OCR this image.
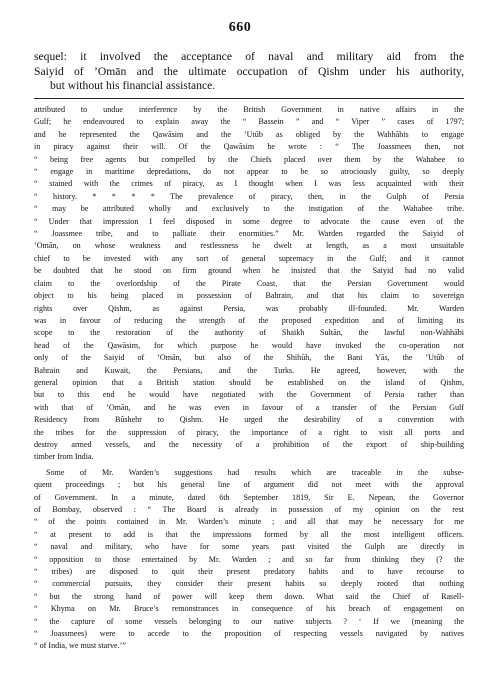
660
sequel: it involved the acceptance of naval and military aid from the
Saiyid of ’Omān and the ultimate occupation of Qishm under his authority,
but without his financial assistance.
attributed to undue interference by the British Government in native affairs in the
Gulf; he endeavoured to explain away the “ Bassein ” and “ Viper ” cases of 1797;
and he represented the Qawāsim and the ’Utūb as obliged by the Wahhābis to engage
in piracy against their will. Of the Qawāsim he wrote : “ The Joassmees then, not
“ being free agents but compelled by the Chiefs placed over them by the Wahabee to
“ engage in maritime depredations, do not appear to be so atrociously guilty, so deeply
“ stained with the crimes of piracy, as I thought when I was less acquainted with their
“ history. * * * * The prevalence of piracy, then, in the Gulph of Persia
“ may be attributed wholly and exclusively to the instigation of the Wahabee tribe.
“ Under that impression I feel disposed in some degree to advocate the cause even of the
“ Joassmee tribe, and to palliate their enormities.” Mr. Warden regarded the Saiyid of
’Omān, on whose weakness and restlessness he dwelt at length, as a most unsuitable
chief to be invested with any sort of general supremacy in the Gulf; and it cannot
be doubted that he stood on firm ground when he insisted that the Saiyid had no valid
claim to the overlordship of the Pirate Coast, that the Persian Government would
object to his being placed in possession of Bahrain, and that his claim to sovereign
rights over Qishm, as against Persia, was probably ill-founded. Mr. Warden
was in favour of reducing the strength of the proposed expedition and of limiting its
scope to the restoration of the authority of Shaikh Sultān, the lawful non-Wahhābi
head of the Qawāsim, for which purpose he would have invoked the co-operation not
only of the Saiyid of ’Omān, but also of the Shihūh, the Bani Yās, the ’Utūb of
Bahrain and Kuwait, the Persians, and the Turks. He agreed, however, with the
general opinion that a British station should be established on the island of Qishm,
but to this end he would have negotiated with the Government of Persia rather than
with that of ’Omān, and he was even in favour of a transfer of the Persian Gulf
Residency from Būshehr to Qishm. He urged the desirability of a convention with
the tribes for the suppression of piracy, the importance of a right to visit all ports and
destroy armed vessels, and the necessity of a prohibition of the export of ship-building
timber from India.
Some of Mr. Warden’s suggestions had results which are traceable in the subse-
quent proceedings ; but his general line of argument did not meet with the approval
of Government. In a minute, dated 6th September 1819, Sir E. Nepean, the Governor
of Bombay, observed : “ The Board is already in possession of my opinion on the rest
“ of the points contained in Mr. Warden’s minute ; and all that may be necessary for me
“ at present to add is that the impressions formed by all the most intelligent officers.
“ naval and military, who have for some years past visited the Gulph are directly in
“ opposition to those entertained by Mr. Warden ; and so far from thinking they (? the
“ tribes) are disposed to quit their present predatory habits and to have recourse to
“ commercial pursuits, they consider their present habits so deeply rooted that nothing
“ but the strong hand of power will keep them down. What said the Chief of Rasell-
“ Khyma on Mr. Bruce’s remonstrances in consequence of his breach of engagement on
“ the capture of some vessels belonging to our native subjects ? ‘ If we (meaning the
“ Joassmees) were to accede to the proposition of respecting vessels navigated by natives
“ of India, we must starve.’”
